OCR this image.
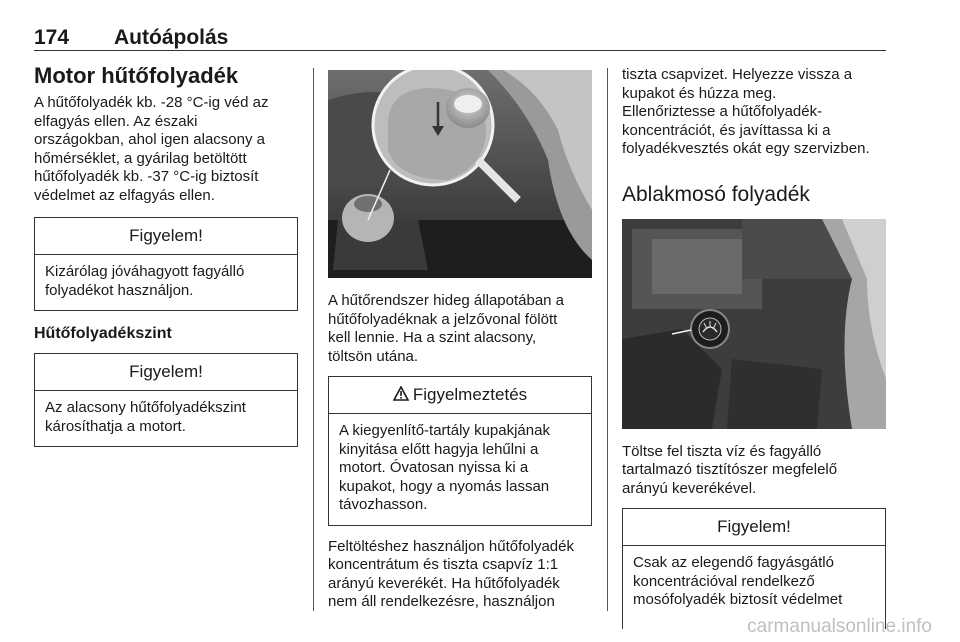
174 Autóápolás
Motor hűtőfolyadék

A hűtőfolyadék kb. -28 °C-ig véd az
elfagyás ellen. Az északi
országokban, ahol igen alacsony a
hőmérséklet, a gyárilag betöltött
hűtőfolyadék kb. -37 °C-ig biztosít
védelmet az elfagyás ellen.

Figyelem!
Kizárólag jóváhagyott fagyálló
folyadékot használjon.
Hűtőfolyadékszint
Figyelem!
Az alacsony hűtőfolyadékszint
károsíthatja a motort.

A hűtőrendszer hideg állapotában a
hűtőfolyadéknak a jelzővonal fölött
kell lennie. Ha a szint alacsony,
töltsön utána.

Figyelmeztetés
A kiegyenlítő-tartály kupakjának
kinyitása előtt hagyja lehűlni a
motort. Óvatosan nyissa ki a
kupakot, hogy a nyomás lassan
távozhasson.

Feltöltéshez használjon hűtőfolyadék
koncentrátum és tiszta csapvíz 1:1
arányú keverékét. Ha hűtőfolyadék
nem áll rendelkezésre, használjon

tiszta csapvizet. Helyezze vissza a
kupakot és húzza meg.
Ellenőriztesse a hűtőfolyadék-
koncentrációt, és javíttassa ki a
folyadékvesztés okát egy szervizben.

Ablakmosó folyadék

Töltse fel tiszta víz és fagyálló
tartalmazó tisztítószer megfelelő
arányú keverékével.

Figyelem!
Csak az elegendő fagyásgátló
koncentrációval rendelkező
mosófolyadék biztosít védelmet
carmanualsonline.info
